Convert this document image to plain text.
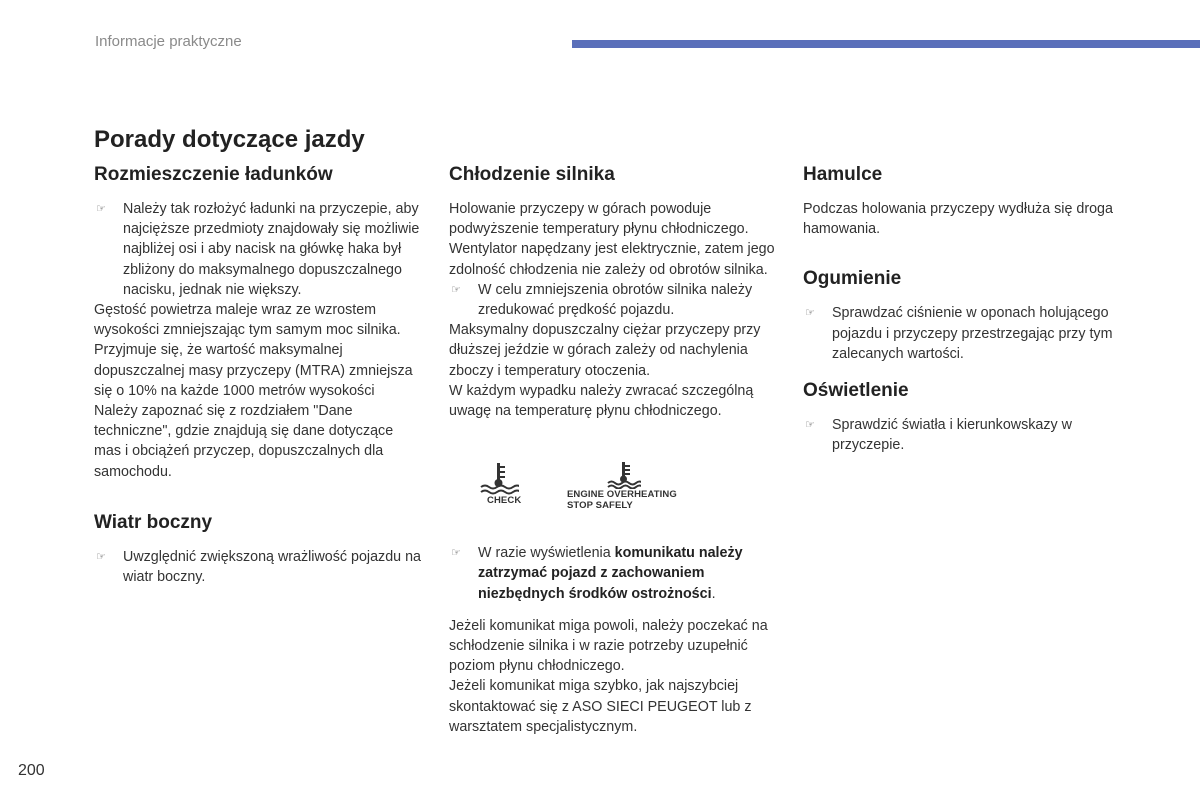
Informacje praktyczne
Porady dotyczące jazdy
Rozmieszczenie ładunków
☞ Należy tak rozłożyć ładunki na przyczepie, aby najcięższe przedmioty znajdowały się możliwie najbliżej osi i aby nacisk na główkę haka był zbliżony do maksymalnego dopuszczalnego nacisku, jednak nie większy.

Gęstość powietrza maleje wraz ze wzrostem wysokości zmniejszając tym samym moc silnika. Przyjmuje się, że wartość maksymalnej dopuszczalnej masy przyczepy (MTRA) zmniejsza się o 10% na każde 1000 metrów wysokości

Należy zapoznać się z rozdziałem "Dane techniczne", gdzie znajdują się dane dotyczące mas i obciążeń przyczep, dopuszczalnych dla samochodu.

Wiatr boczny
☞ Uwzględnić zwiększoną wrażliwość pojazdu na wiatr boczny.
Chłodzenie silnika

Holowanie przyczepy w górach powoduje podwyższenie temperatury płynu chłodniczego. Wentylator napędzany jest elektrycznie, zatem jego zdolność chłodzenia nie zależy od obrotów silnika.

☞ W celu zmniejszenia obrotów silnika należy zredukować prędkość pojazdu.

Maksymalny dopuszczalny ciężar przyczepy przy dłuższej jeździe w górach zależy od nachylenia zboczy i temperatury otoczenia.

W każdym wypadku należy zwracać szczególną uwagę na temperaturę płynu chłodniczego.

CHECK
ENGINE OVERHEATING
STOP SAFELY
☞ W razie wyświetlenia komunikatu należy zatrzymać pojazd z zachowaniem niezbędnych środków ostrożności.

Jeżeli komunikat miga powoli, należy poczekać na schłodzenie silnika i w razie potrzeby uzupełnić poziom płynu chłodniczego.

Jeżeli komunikat miga szybko, jak najszybciej skontaktować się z ASO SIECI PEUGEOT lub z warsztatem specjalistycznym.

Hamulce

Podczas holowania przyczepy wydłuża się droga hamowania.

Ogumienie
☞ Sprawdzać ciśnienie w oponach holującego pojazdu i przyczepy przestrzegając przy tym zalecanych wartości.
Oświetlenie
☞ Sprawdzić światła i kierunkowskazy w przyczepie.
200
